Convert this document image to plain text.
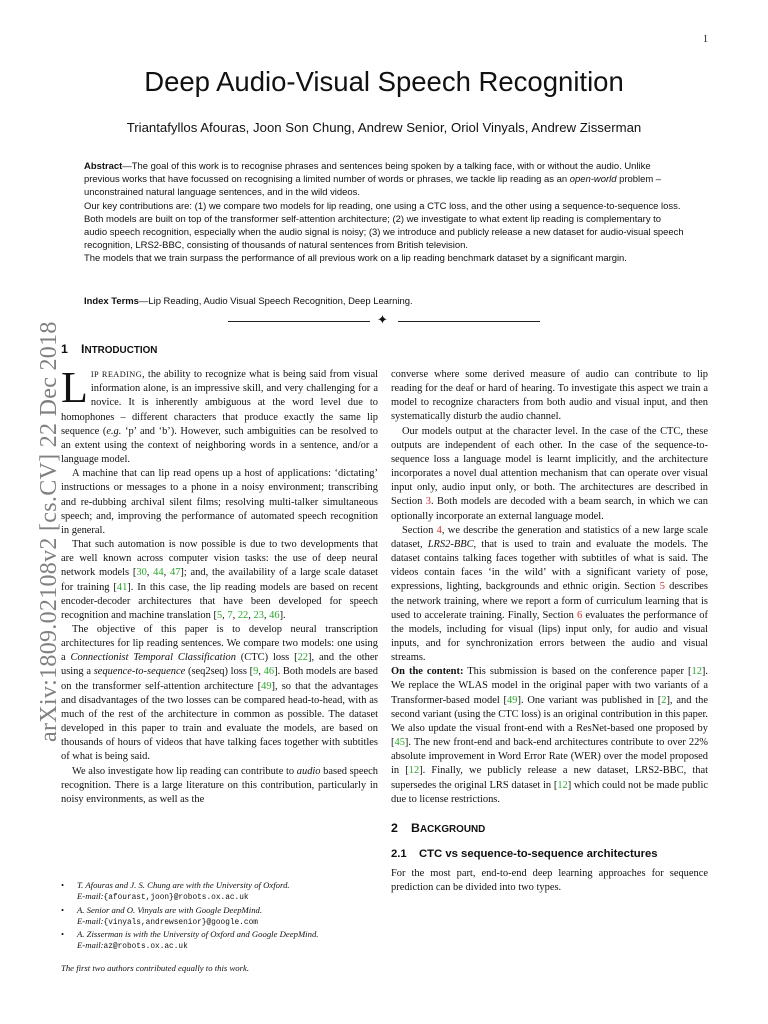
1
arXiv:1809.02108v2 [cs.CV] 22 Dec 2018
Deep Audio-Visual Speech Recognition
Triantafyllos Afouras, Joon Son Chung, Andrew Senior, Oriol Vinyals, Andrew Zisserman

Abstract—The goal of this work is to recognise phrases and sentences being spoken by a talking face, with or without the audio. Unlike previous works that have focussed on recognising a limited number of words or phrases, we tackle lip reading as an open-world problem – unconstrained natural language sentences, and in the wild videos.

Our key contributions are: (1) we compare two models for lip reading, one using a CTC loss, and the other using a sequence-to-sequence loss. Both models are built on top of the transformer self-attention architecture; (2) we investigate to what extent lip reading is complementary to audio speech recognition, especially when the audio signal is noisy; (3) we introduce and publicly release a new dataset for audio-visual speech recognition, LRS2-BBC, consisting of thousands of natural sentences from British television.

The models that we train surpass the performance of all previous work on a lip reading benchmark dataset by a significant margin.

Index Terms—Lip Reading, Audio Visual Speech Recognition, Deep Learning.
✦
1 INTRODUCTION

LIP READING, the ability to recognize what is being said from visual information alone, is an impressive skill, and very challenging for a novice. It is inherently ambiguous at the word level due to homophones – different characters that produce exactly the same lip sequence (e.g. ‘p’ and ‘b’). However, such ambiguities can be resolved to an extent using the context of neighboring words in a sentence, and/or a language model.

A machine that can lip read opens up a host of applications: ‘dictating’ instructions or messages to a phone in a noisy environment; transcribing and re-dubbing archival silent films; resolving multi-talker simultaneous speech; and, improving the performance of automated speech recognition in general.

That such automation is now possible is due to two developments that are well known across computer vision tasks: the use of deep neural network models [30, 44, 47]; and, the availability of a large scale dataset for training [41]. In this case, the lip reading models are based on recent encoder-decoder architectures that have been developed for speech recognition and machine translation [5, 7, 22, 23, 46].

The objective of this paper is to develop neural transcription architectures for lip reading sentences. We compare two models: one using a Connectionist Temporal Classification (CTC) loss [22], and the other using a sequence-to-sequence (seq2seq) loss [9, 46]. Both models are based on the transformer self-attention architecture [49], so that the advantages and disadvantages of the two losses can be compared head-to-head, with as much of the rest of the architecture in common as possible. The dataset developed in this paper to train and evaluate the models, are based on thousands of hours of videos that have talking faces together with subtitles of what is being said.

We also investigate how lip reading can contribute to audio based speech recognition. There is a large literature on this contribution, particularly in noisy environments, as well as the

• T. Afouras and J. S. Chung are with the University of Oxford.
E-mail:{afourast,joon}@robots.ox.ac.uk
• A. Senior and O. Vinyals are with Google DeepMind.
E-mail:{vinyals,andrewsenior}@google.com
• A. Zisserman is with the University of Oxford and Google DeepMind.
E-mail:az@robots.ox.ac.uk
The first two authors contributed equally to this work.

converse where some derived measure of audio can contribute to lip reading for the deaf or hard of hearing. To investigate this aspect we train a model to recognize characters from both audio and visual input, and then systematically disturb the audio channel.

Our models output at the character level. In the case of the CTC, these outputs are independent of each other. In the case of the sequence-to-sequence loss a language model is learnt implicitly, and the architecture incorporates a novel dual attention mechanism that can operate over visual input only, audio input only, or both. The architectures are described in Section 3. Both models are decoded with a beam search, in which we can optionally incorporate an external language model.

Section 4, we describe the generation and statistics of a new large scale dataset, LRS2-BBC, that is used to train and evaluate the models. The dataset contains talking faces together with subtitles of what is said. The videos contain faces ‘in the wild’ with a significant variety of pose, expressions, lighting, backgrounds and ethnic origin. Section 5 describes the network training, where we report a form of curriculum learning that is used to accelerate training. Finally, Section 6 evaluates the performance of the models, including for visual (lips) input only, for audio and visual inputs, and for synchronization errors between the audio and visual streams.

On the content: This submission is based on the conference paper [12]. We replace the WLAS model in the original paper with two variants of a Transformer-based model [49]. One variant was published in [2], and the second variant (using the CTC loss) is an original contribution in this paper. We also update the visual front-end with a ResNet-based one proposed by [45]. The new front-end and back-end architectures contribute to over 22% absolute improvement in Word Error Rate (WER) over the model proposed in [12]. Finally, we publicly release a new dataset, LRS2-BBC, that supersedes the original LRS dataset in [12] which could not be made public due to license restrictions.

2 BACKGROUND
2.1 CTC vs sequence-to-sequence architectures

For the most part, end-to-end deep learning approaches for sequence prediction can be divided into two types.
